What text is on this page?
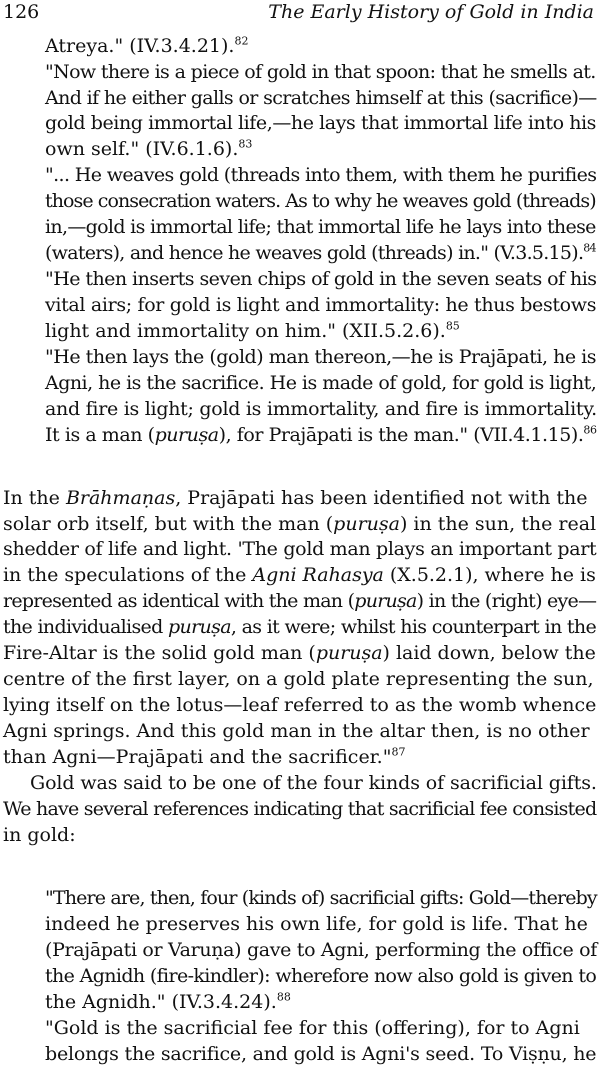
126	The Early History of Gold in India
Atreya." (IV.3.4.21).$^{82}$
"Now there is a piece of gold in that spoon: that he smells at.
And if he either galls or scratches himself at this (sacrifice)—
gold being immortal life,—he lays that immortal life into his
own self." (IV.6.1.6).$^{83}$
"... He weaves gold (threads into them, with them he purifies
those consecration waters. As to why he weaves gold (threads)
in,—gold is immortal life; that immortal life he lays into these
(waters), and hence he weaves gold (threads) in." (V.3.5.15).$^{84}$
"He then inserts seven chips of gold in the seven seats of his
vital airs; for gold is light and immortality: he thus bestows
light and immortality on him." (XII.5.2.6).$^{85}$
"He then lays the (gold) man thereon,—he is Prajāpati, he is
Agni, he is the sacrifice. He is made of gold, for gold is light,
and fire is light; gold is immortality, and fire is immortality.
It is a man (puruṣa), for Prajāpati is the man." (VII.4.1.15).$^{86}$
In the Brāhmaṇas, Prajāpati has been identified not with the
solar orb itself, but with the man (puruṣa) in the sun, the real
shedder of life and light. 'The gold man plays an important part
in the speculations of the Agni Rahasya (X.5.2.1), where he is
represented as identical with the man (puruṣa) in the (right) eye—
the individualised puruṣa, as it were; whilst his counterpart in the
Fire-Altar is the solid gold man (puruṣa) laid down, below the
centre of the first layer, on a gold plate representing the sun,
lying itself on the lotus—leaf referred to as the womb whence
Agni springs. And this gold man in the altar then, is no other
than Agni—Prajāpati and the sacrificer."$^{87}$
Gold was said to be one of the four kinds of sacrificial gifts.
We have several references indicating that sacrificial fee consisted
in gold:
"There are, then, four (kinds of) sacrificial gifts: Gold—thereby
indeed he preserves his own life, for gold is life. That he
(Prajāpati or Varuṇa) gave to Agni, performing the office of
the Agnidh (fire-kindler): wherefore now also gold is given to
the Agnidh." (IV.3.4.24).$^{88}$
"Gold is the sacrificial fee for this (offering), for to Agni
belongs the sacrifice, and gold is Agni's seed. To Viṣṇu, he
